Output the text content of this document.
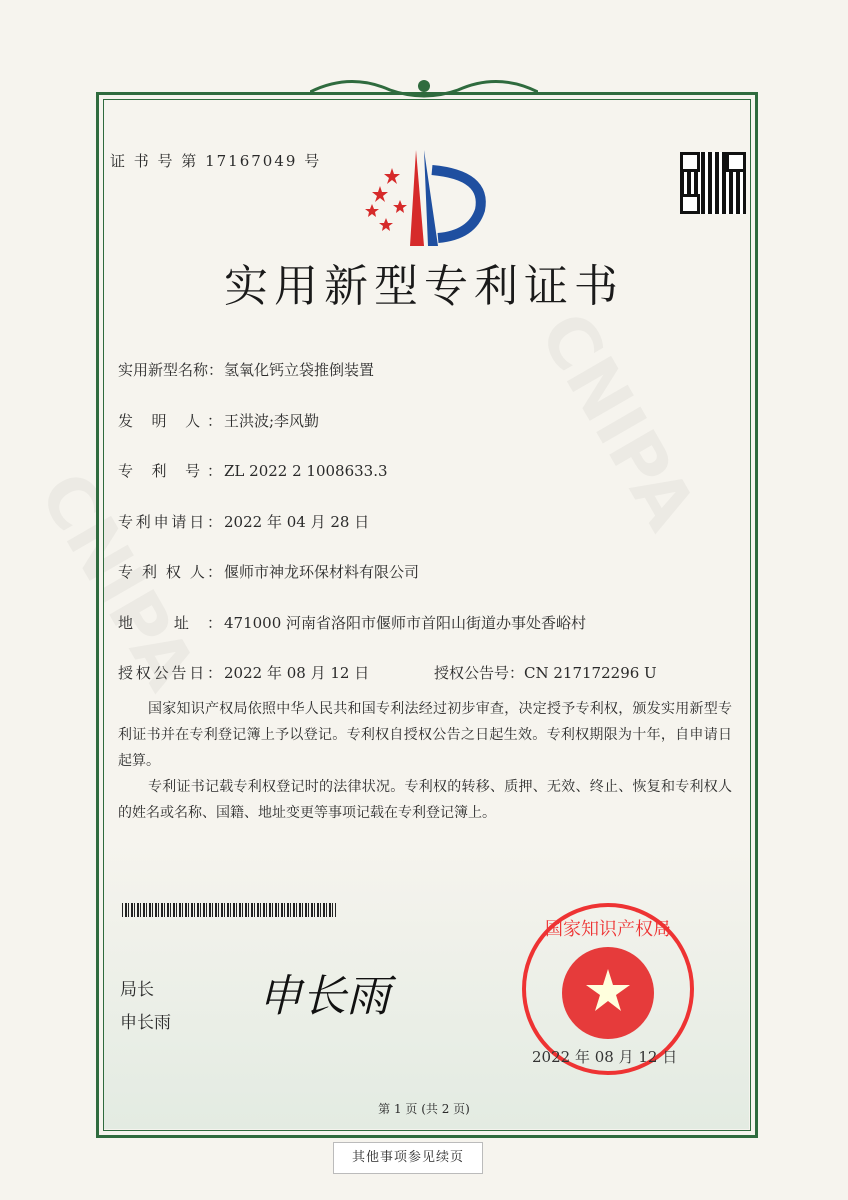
证 书 号 第 17167049 号
实用新型专利证书
实用新型名称：氢氧化钙立袋推倒装置
发 明 人： 王洪波;李风勤
专 利 号： ZL 2022 2 1008633.3
专利申请日： 2022 年 04 月 28 日
专 利 权 人： 偃师市神龙环保材料有限公司
地 址： 471000 河南省洛阳市偃师市首阳山街道办事处香峪村
授权公告日： 2022 年 08 月 12 日	授权公告号：CN 217172296 U
国家知识产权局依照中华人民共和国专利法经过初步审查，决定授予专利权，颁发实用新型专利证书并在专利登记簿上予以登记。专利权自授权公告之日起生效。专利权期限为十年，自申请日起算。
专利证书记载专利权登记时的法律状况。专利权的转移、质押、无效、终止、恢复和专利权人的姓名或名称、国籍、地址变更等事项记载在专利登记簿上。
局长
申长雨
申长雨
国家知识产权局
2022 年 08 月 12 日
第 1 页 (共 2 页)
其他事项参见续页
